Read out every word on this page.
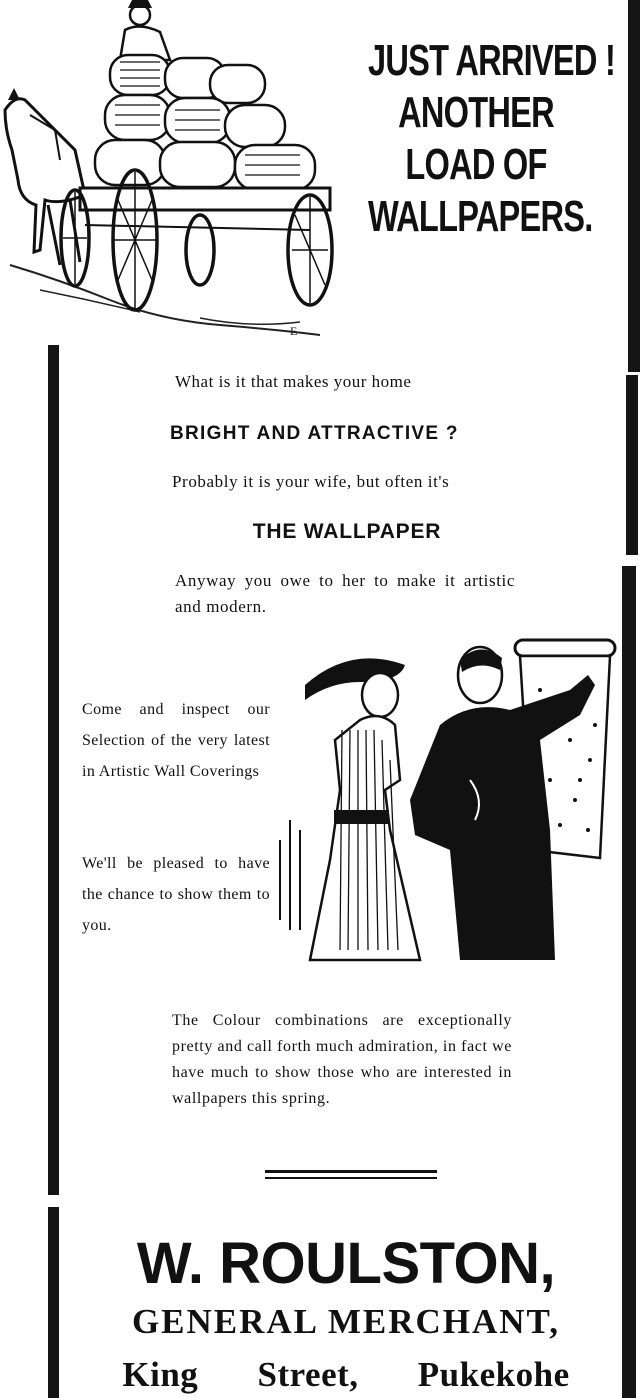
E
JUST ARRIVED !
ANOTHER
LOAD OF
WALLPAPERS.
What is it that makes your home
BRIGHT AND ATTRACTIVE ?
Probably it is your wife, but often it's
THE WALLPAPER
Anyway you owe to her to make it artistic and modern.
Come and inspect our Selection of the very latest in Artistic Wall Coverings
We'll be pleased to have the chance to show them to you.
The Colour combinations are exceptionally pretty and call forth much admiration, in fact we have much to show those who are interested in wallpapers this spring.
W. ROULSTON,
GENERAL MERCHANT,
King Street, Pukekohe
